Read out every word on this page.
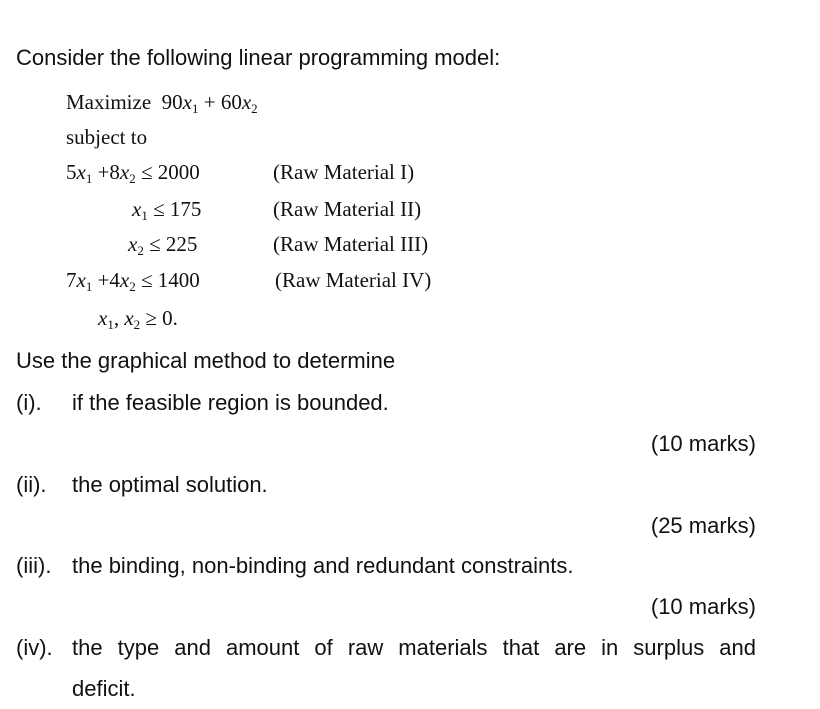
Consider the following linear programming model:
Maximize $90x_1 + 60x_2$
subject to
$5x_1 +8x_2 \le 2000$	(Raw Material I)
$x_1 \le 175$	(Raw Material II)
$x_2 \le 225$	(Raw Material III)
$7x_1 +4x_2 \le 1400$	(Raw Material IV)
$x_1$, $x_2 \ge 0$.
Use the graphical method to determine
(i). if the feasible region is bounded.
(10 marks)
(ii). the optimal solution.
(25 marks)
(iii). the binding, non-binding and redundant constraints.
(10 marks)
(iv). the type and amount of raw materials that are in surplus and
deficit.
